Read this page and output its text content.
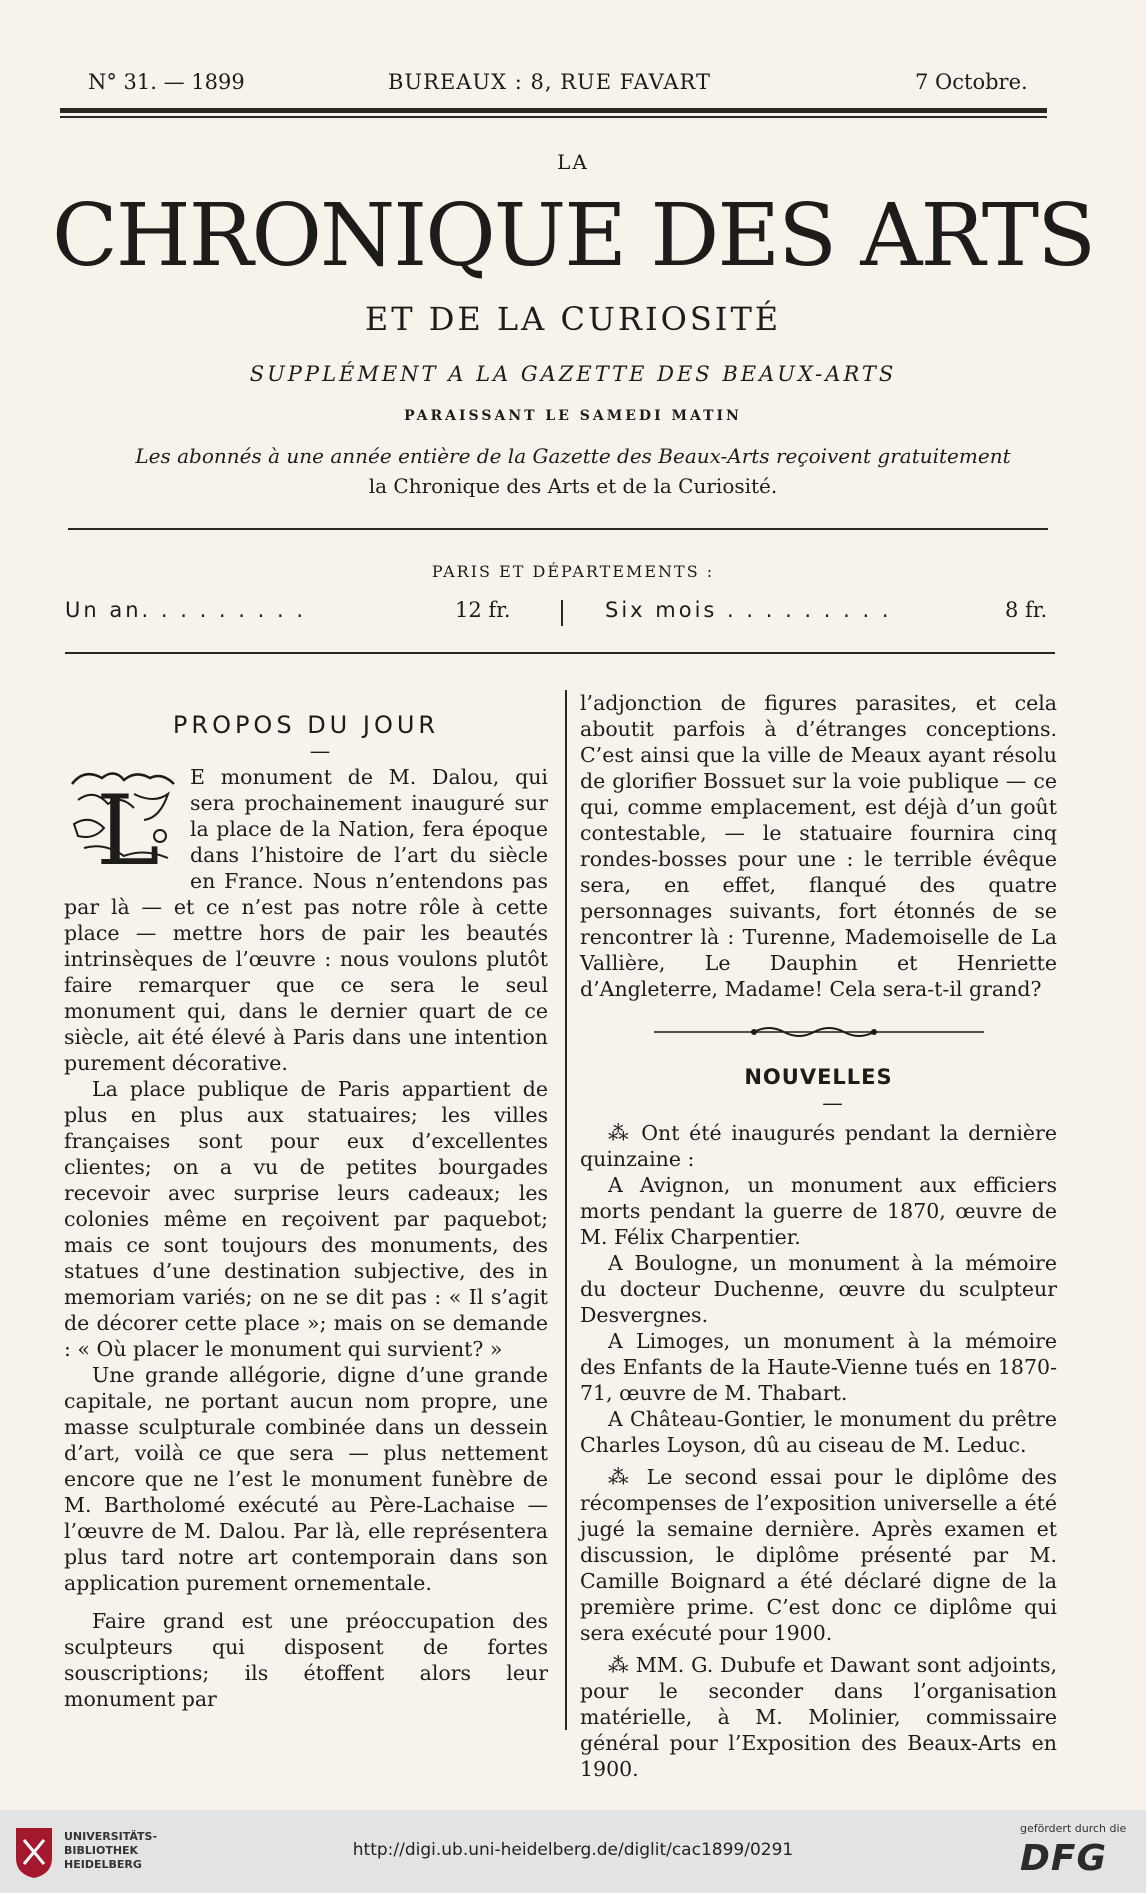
N° 31. — 1899	BUREAUX : 8, RUE FAVART	7 Octobre.
LA
CHRONIQUE DES ARTS
ET DE LA CURIOSITÉ
SUPPLÉMENT A LA GAZETTE DES BEAUX-ARTS
PARAISSANT LE SAMEDI MATIN
Les abonnés à une année entière de la Gazette des Beaux-Arts reçoivent gratuitement
la Chronique des Arts et de la Curiosité.
PARIS ET DÉPARTEMENTS :
Un an. . . . . . . . .	12 fr.	Six mois . . . . . . . . .	8 fr.

PROPOS DU JOUR

—

L E monument de M. Dalou, qui sera prochainement inauguré sur la place de la Nation, fera époque dans l’histoire de l’art du siècle en France. Nous n’entendons pas par là — et ce n’est pas notre rôle à cette place — mettre hors de pair les beautés intrinsèques de l’œuvre : nous voulons plutôt faire remarquer que ce sera le seul monument qui, dans le dernier quart de ce siècle, ait été élevé à Paris dans une intention purement décorative.

La place publique de Paris appartient de plus en plus aux statuaires; les villes françaises sont pour eux d’excellentes clientes; on a vu de petites bourgades recevoir avec surprise leurs cadeaux; les colonies même en reçoivent par paquebot; mais ce sont toujours des monuments, des statues d’une destination subjective, des in memoriam variés; on ne se dit pas : « Il s’agit de décorer cette place »; mais on se demande : « Où placer le monument qui survient? »

Une grande allégorie, digne d’une grande capitale, ne portant aucun nom propre, une masse sculpturale combinée dans un dessein d’art, voilà ce que sera — plus nettement encore que ne l’est le monument funèbre de M. Bartholomé exécuté au Père-Lachaise — l’œuvre de M. Dalou. Par là, elle représentera plus tard notre art contemporain dans son application purement ornementale.

Faire grand est une préoccupation des sculpteurs qui disposent de fortes souscriptions; ils étoffent alors leur monument par

l’adjonction de figures parasites, et cela aboutit parfois à d’étranges conceptions. C’est ainsi que la ville de Meaux ayant résolu de glorifier Bossuet sur la voie publique — ce qui, comme emplacement, est déjà d’un goût contestable, — le statuaire fournira cinq rondes-bosses pour une : le terrible évêque sera, en effet, flanqué des quatre personnages suivants, fort étonnés de se rencontrer là : Turenne, Mademoiselle de La Vallière, Le Dauphin et Henriette d’Angleterre, Madame! Cela sera-t-il grand?

NOUVELLES

—

⁂ Ont été inaugurés pendant la dernière quinzaine :

A Avignon, un monument aux efficiers morts pendant la guerre de 1870, œuvre de M. Félix Charpentier.

A Boulogne, un monument à la mémoire du docteur Duchenne, œuvre du sculpteur Desvergnes.

A Limoges, un monument à la mémoire des Enfants de la Haute-Vienne tués en 1870-71, œuvre de M. Thabart.

A Château-Gontier, le monument du prêtre Charles Loyson, dû au ciseau de M. Leduc.

⁂ Le second essai pour le diplôme des récompenses de l’exposition universelle a été jugé la semaine dernière. Après examen et discussion, le diplôme présenté par M. Camille Boignard a été déclaré digne de la première prime. C’est donc ce diplôme qui sera exécuté pour 1900.

⁂ MM. G. Dubufe et Dawant sont adjoints, pour le seconder dans l’organisation matérielle, à M. Molinier, commissaire général pour l’Exposition des Beaux-Arts en 1900.

UNIVERSITÄTS-
BIBLIOTHEK
HEIDELBERG
http://digi.ub.uni-heidelberg.de/diglit/cac1899/0291
gefördert durch die
DFG
